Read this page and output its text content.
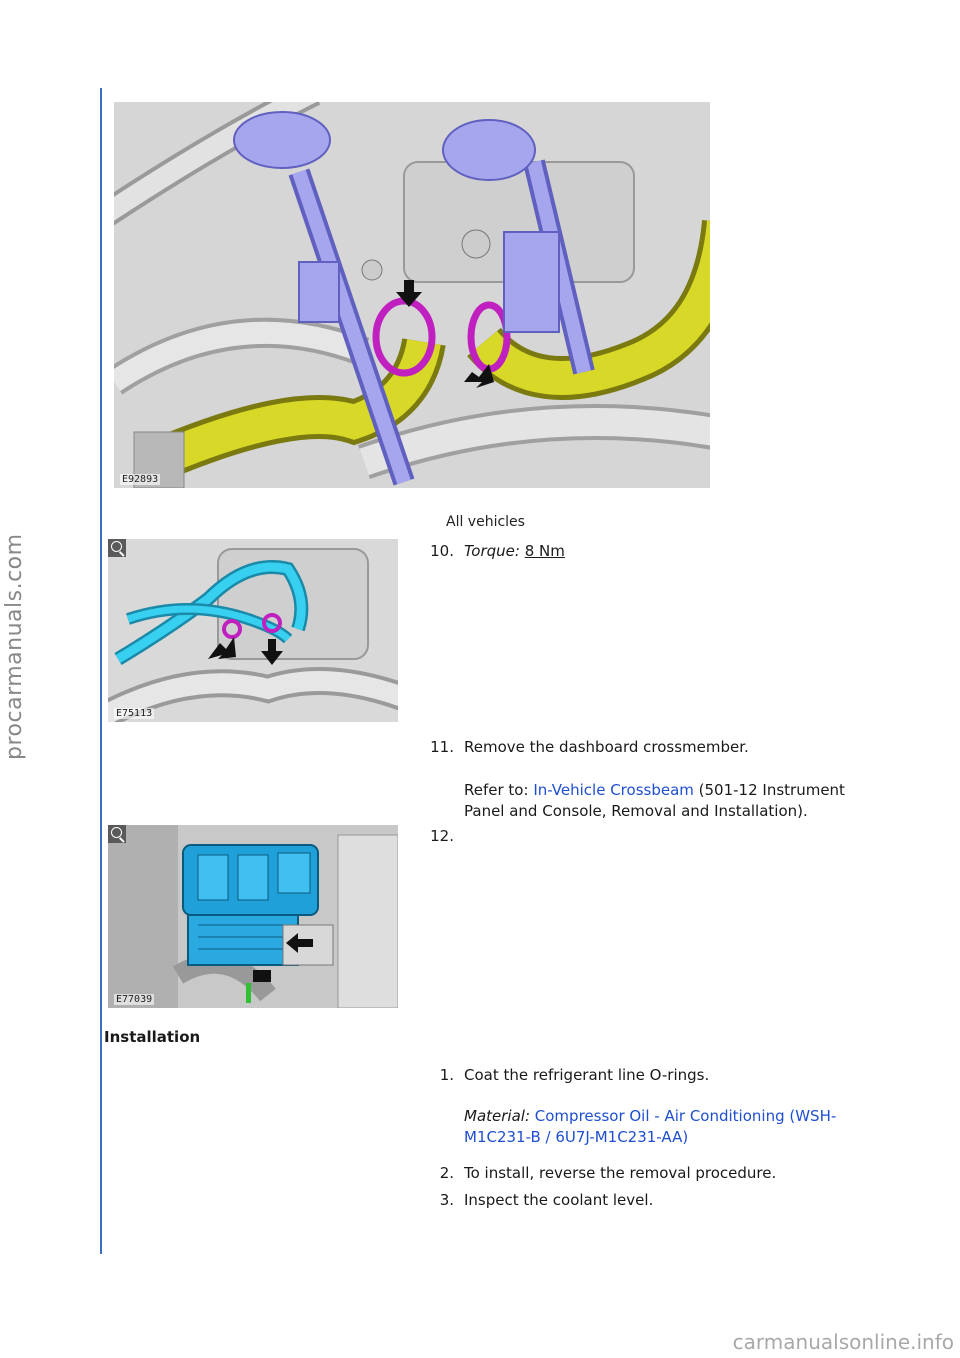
procarmanuals.com
E92893
All vehicles
E75113
10. Torque: 8 Nm
11. Remove the dashboard crossmember.
Refer to: In-Vehicle Crossbeam (501-12 Instrument Panel and Console, Removal and Installation).
E77039
12.
Installation
1. Coat the refrigerant line O-rings.
Material: Compressor Oil - Air Conditioning (WSH-M1C231-B / 6U7J-M1C231-AA)
2. To install, reverse the removal procedure.
3. Inspect the coolant level.
carmanualsonline.info
